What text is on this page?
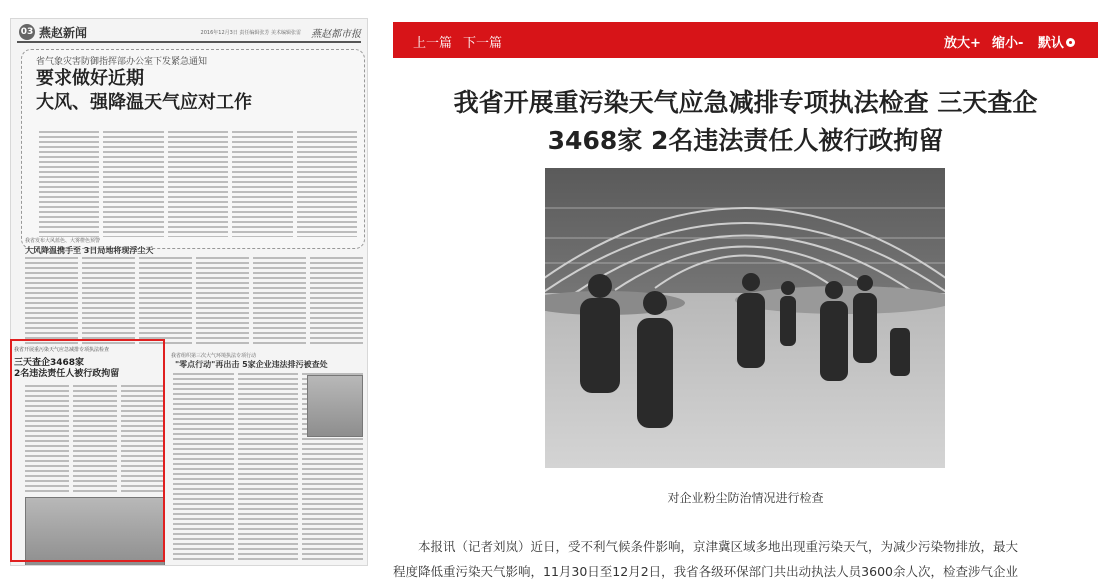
03 燕赵新闻	2016年12月3日 责任编辑张芳 美术编辑张雷 燕赵都市报
省气象灾害防御指挥部办公室下发紧急通知
要求做好近期
大风、强降温天气应对工作
我省发布大风蓝色、大雾橙色预警
大风降温携手至 3日局地将现浮尘天
我省组织第三次大气环境执法专项行动
"零点行动"再出击 5家企业违法排污被查处
我省开展重污染天气应急减排专项执法检查
三天查企3468家
2名违法责任人被行政拘留
上一篇 下一篇	放大+ 缩小- 默认
我省开展重污染天气应急减排专项执法检查 三天查企
3468家 2名违法责任人被行政拘留
对企业粉尘防治情况进行检查

本报讯（记者刘岚）近日，受不利气候条件影响，京津冀区域多地出现重污染天气，为减少污染物排放，最大

程度降低重污染天气影响，11月30日至12月2日，我省各级环保部门共出动执法人员3600余人次，检查涉气企业
